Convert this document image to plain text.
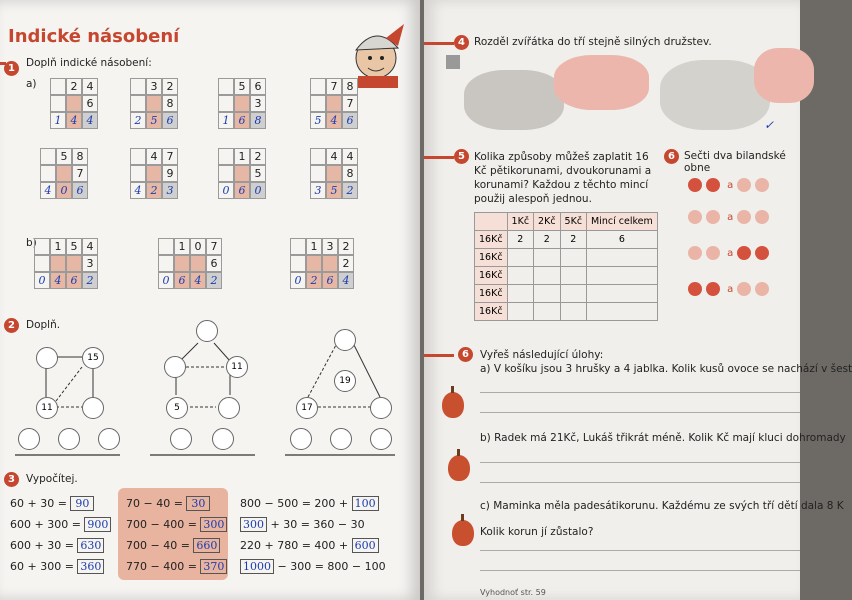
Indické násobení
1	Doplň indické násobení:
a)	2 4
6
1 4 4
3 2
8
2 5 6
5 6
3
1 6 8
7 8
7
5 4 6
5 8
7
4 0 6
4 7
9
4 2 3
1 2
5
0 6 0
4 4
8
3 5 2
b)	1 5 4
3
0 4 6 2
1 0 7
6
0 6 4 2
1 3 2
2
0 2 6 4
2	Doplň.
15
11
11
5
19
17
3	Vypočítej.
60 + 30 = 90
600 + 300 = 900
600 + 30 = 630
60 + 300 = 360
70 − 40 = 30
700 − 400 = 300
700 − 40 = 660
770 − 400 = 370
800 − 500 = 200 + 100
300 + 30 = 360 − 30
220 + 780 = 400 + 600
1000 − 300 = 800 − 100
4 Rozděl zvířátka do tří stejně silných družstev.
✓
5 Kolika způsoby můžeš zaplatit 16 Kč pětikorunami, dvoukorunami a korunami? Každou z těchto mincí použij alespoň jednou.
	1Kč	2Kč	5Kč	Mincí celkem
16Kč	2	2	2	6
16Kč				
16Kč				
16Kč				
16Kč				
6 Sečti dva bilandské obne
a
a
a
a
6	Vyřeš následující úlohy:
a) V košíku jsou 3 hrušky a 4 jablka. Kolik kusů ovoce se nachází v šest
b) Radek má 21Kč, Lukáš třikrát méně. Kolik Kč mají kluci dohromady
c) Maminka měla padesátikorunu. Každému ze svých tří dětí dala 8 K
Kolik korun jí zůstalo?
Vyhodnoť str. 59
